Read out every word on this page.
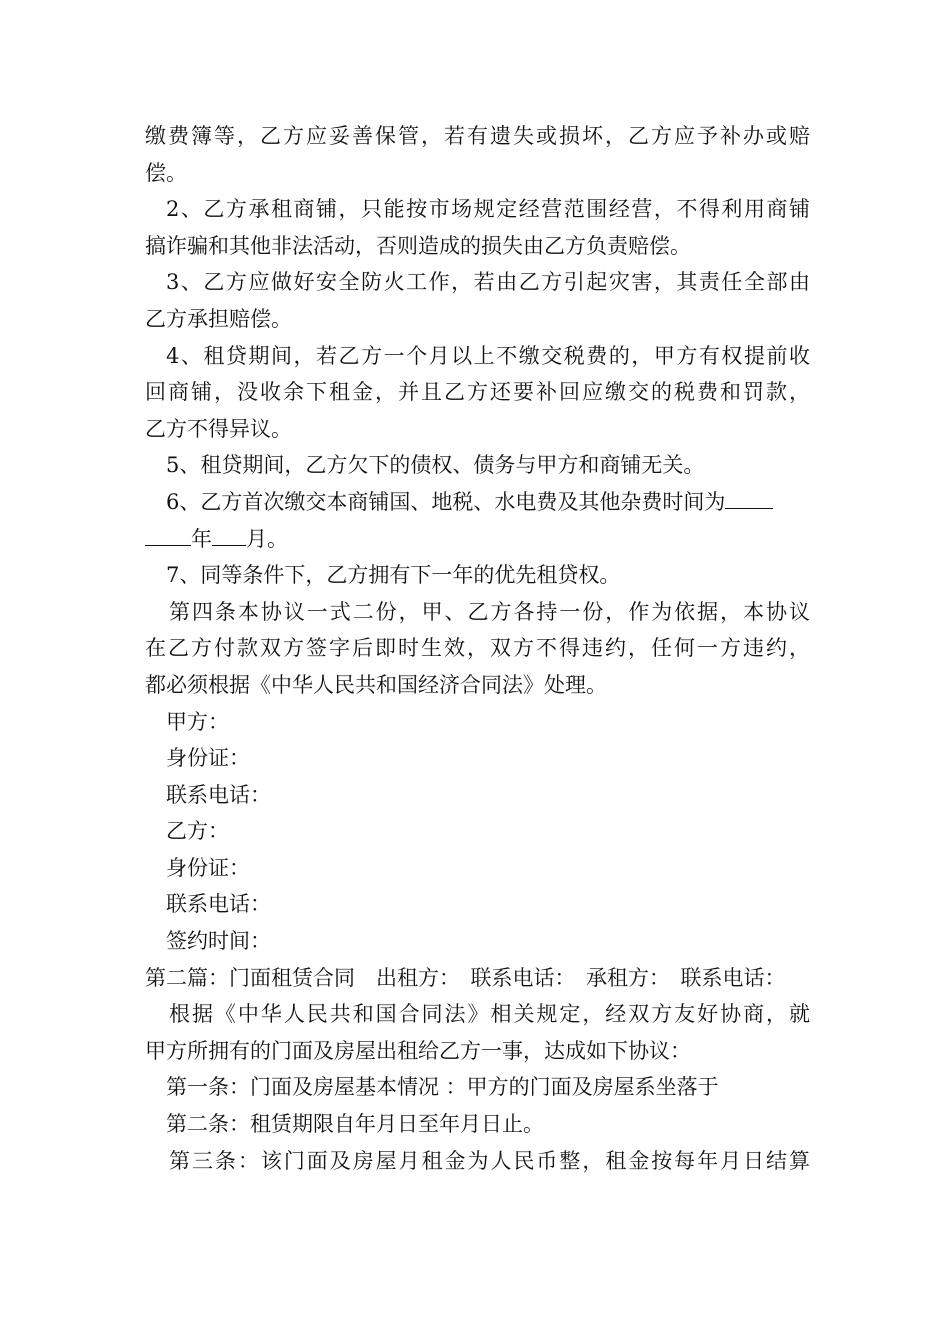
缴费簿等，乙方应妥善保管，若有遗失或损坏，乙方应予补办或赔
偿。
2、乙方承租商铺，只能按市场规定经营范围经营，不得利用商铺
搞诈骗和其他非法活动，否则造成的损失由乙方负责赔偿。
3、乙方应做好安全防火工作，若由乙方引起灾害，其责任全部由
乙方承担赔偿。
4、租贷期间，若乙方一个月以上不缴交税费的，甲方有权提前收
回商铺，没收余下租金，并且乙方还要补回应缴交的税费和罚款，
乙方不得异议。
5、租贷期间，乙方欠下的债权、债务与甲方和商铺无关。
6、乙方首次缴交本商铺国、地税、水电费及其他杂费时间为
年 月。
7、同等条件下，乙方拥有下一年的优先租贷权。
第四条本协议一式二份，甲、乙方各持一份，作为依据，本协议
在乙方付款双方签字后即时生效，双方不得违约，任何一方违约，
都必须根据《中华人民共和国经济合同法》处理。
甲方：
身份证：
联系电话：
乙方：
身份证：
联系电话：
签约时间：
第二篇：门面租赁合同　出租方：　联系电话：　承租方：　联系电话：
根据《中华人民共和国合同法》相关规定，经双方友好协商，就
甲方所拥有的门面及房屋出租给乙方一事，达成如下协议：
第一条：门面及房屋基本情况 ：甲方的门面及房屋系坐落于
第二条：租赁期限自年月日至年月日止。
第三条：该门面及房屋月租金为人民币整，租金按每年月日结算
